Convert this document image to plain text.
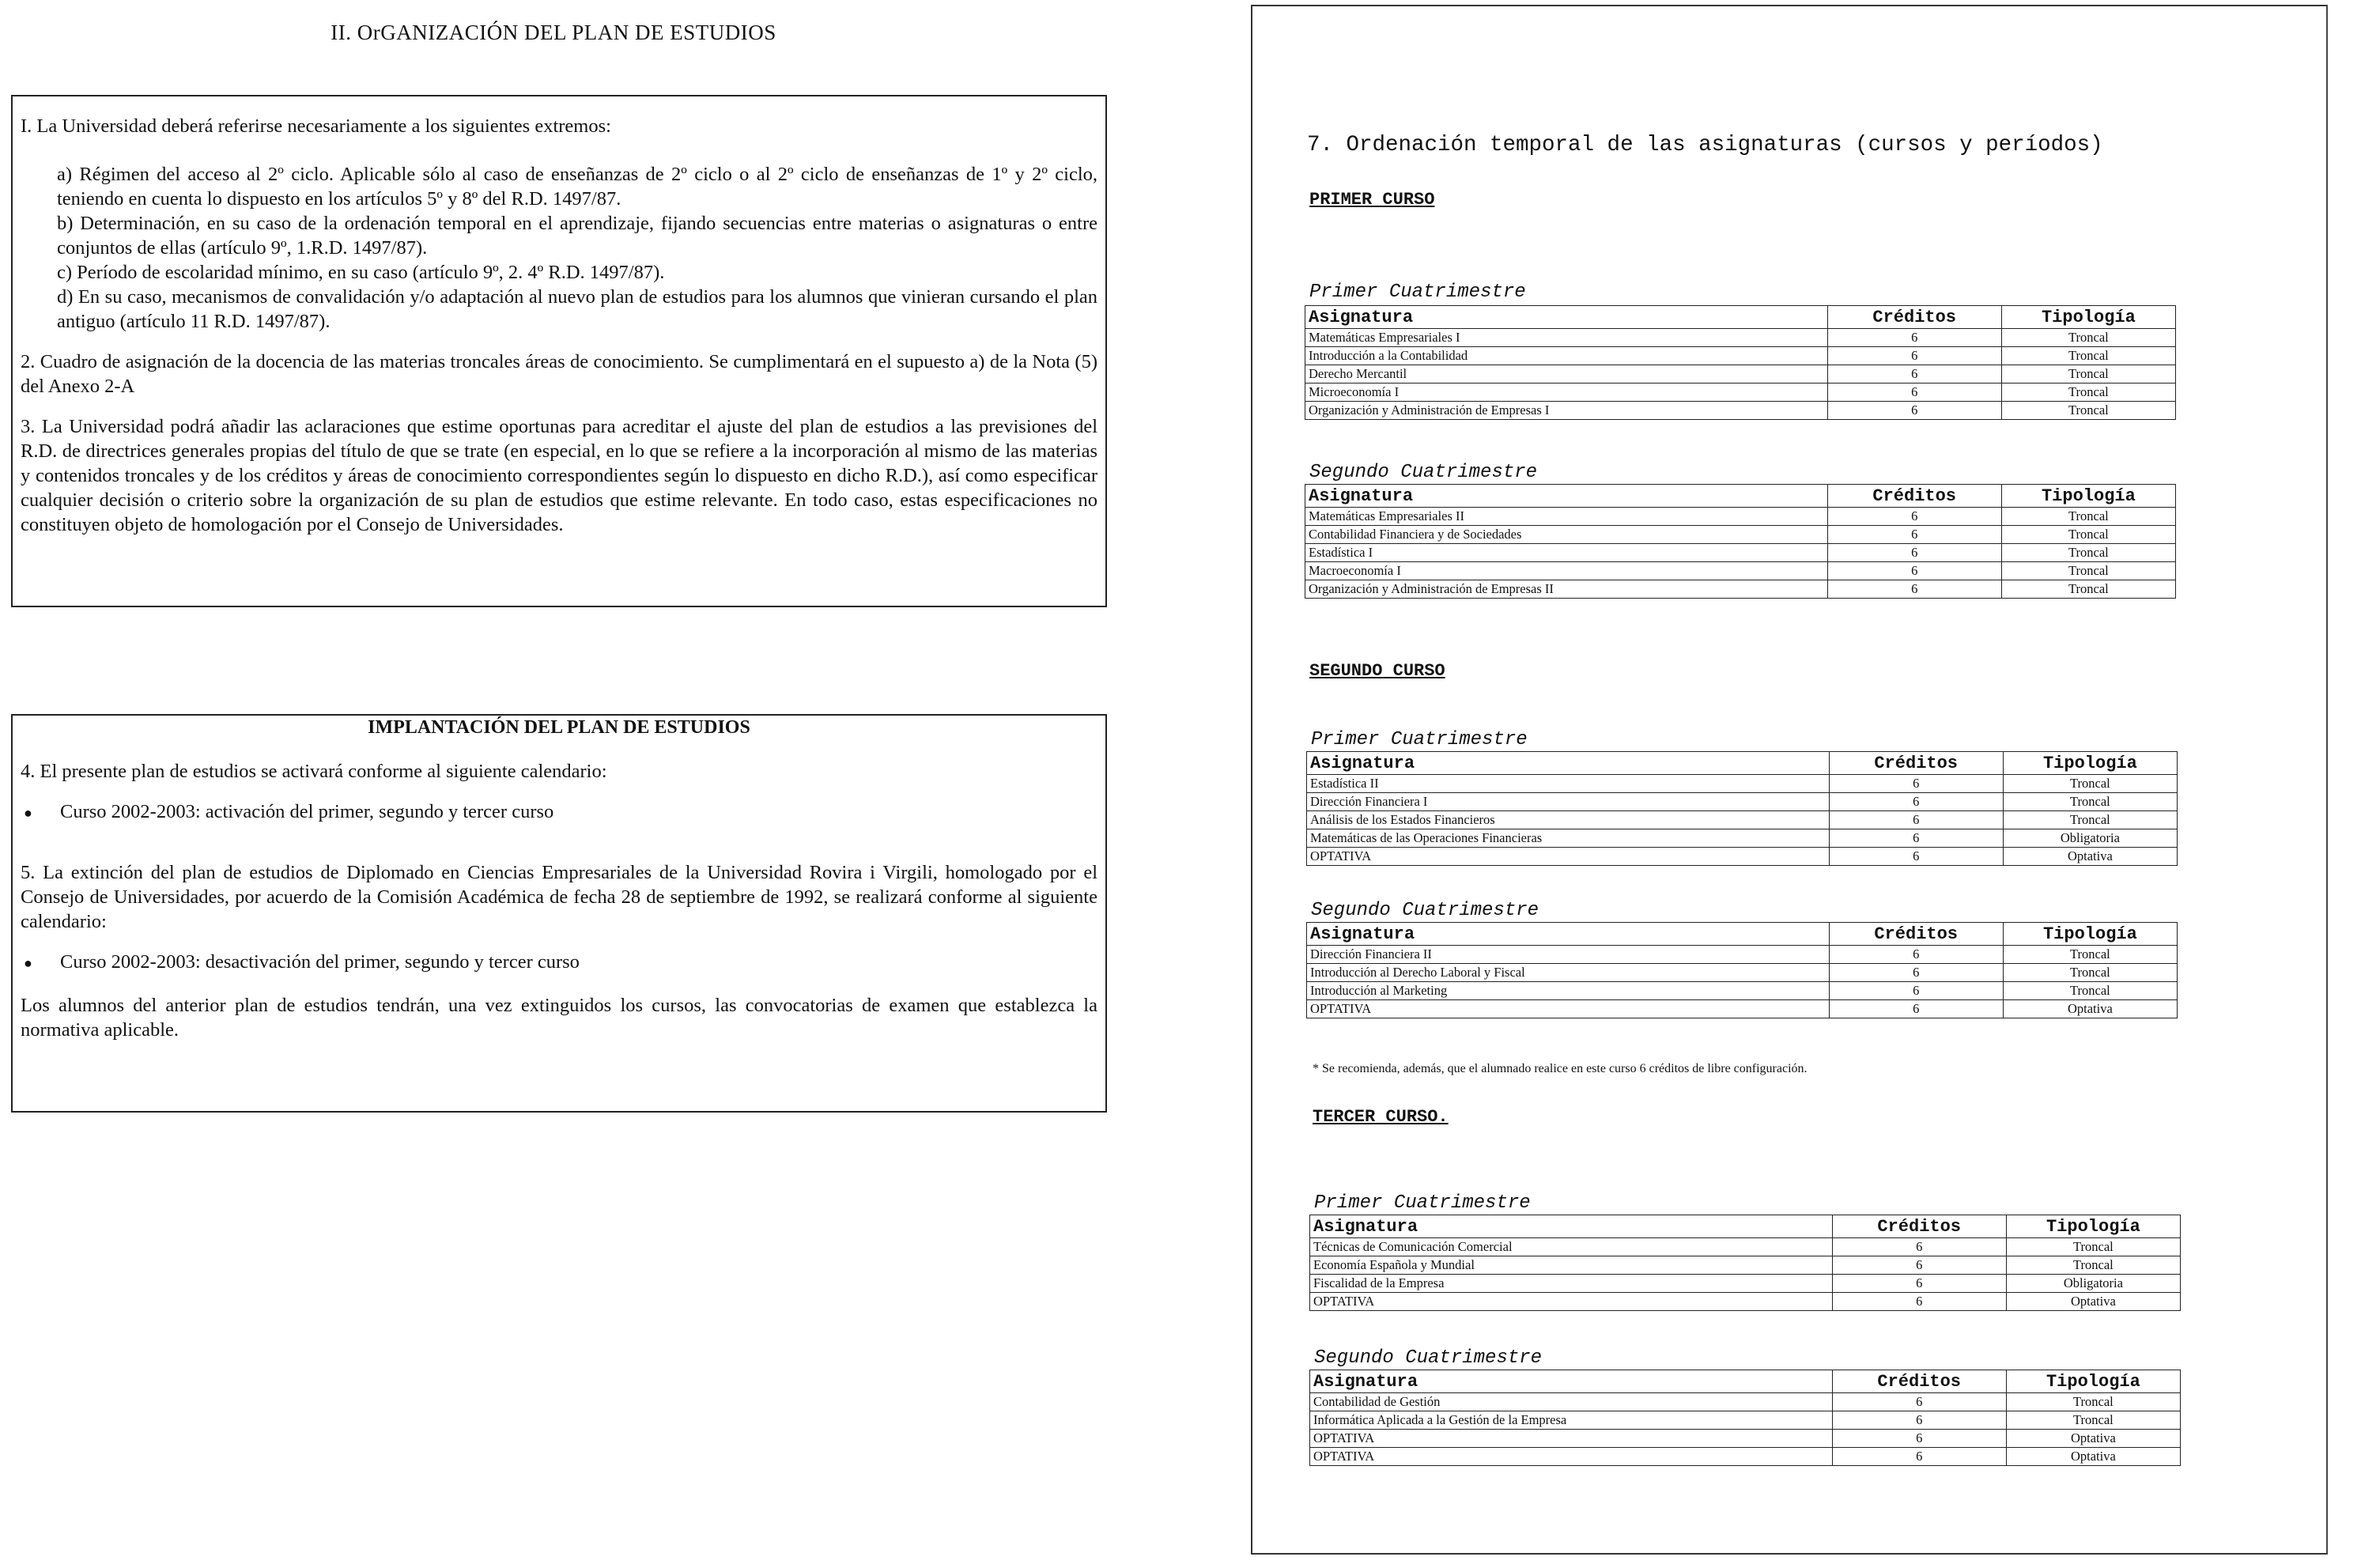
II. OrGANIZACIÓN DEL PLAN DE ESTUDIOS
I. La Universidad deberá referirse necesariamente a los siguientes extremos:
a) Régimen del acceso al 2º ciclo. Aplicable sólo al caso de enseñanzas de 2º ciclo o al 2º ciclo de enseñanzas de 1º y 2º ciclo, teniendo en cuenta lo dispuesto en los artículos 5º y 8º del R.D. 1497/87.
b) Determinación, en su caso de la ordenación temporal en el aprendizaje, fijando secuencias entre materias o asignaturas o entre conjuntos de ellas (artículo 9º, 1.R.D. 1497/87).
c) Período de escolaridad mínimo, en su caso (artículo 9º, 2. 4º R.D. 1497/87).
d) En su caso, mecanismos de convalidación y/o adaptación al nuevo plan de estudios para los alumnos que vinieran cursando el plan antiguo (artículo 11 R.D. 1497/87).
2. Cuadro de asignación de la docencia de las materias troncales áreas de conocimiento. Se cumplimentará en el supuesto a) de la Nota (5) del Anexo 2-A
3. La Universidad podrá añadir las aclaraciones que estime oportunas para acreditar el ajuste del plan de estudios a las previsiones del R.D. de directrices generales propias del título de que se trate (en especial, en lo que se refiere a la incorporación al mismo de las materias y contenidos troncales y de los créditos y áreas de conocimiento correspondientes según lo dispuesto en dicho R.D.), así como especificar cualquier decisión o criterio sobre la organización de su plan de estudios que estime relevante. En todo caso, estas especificaciones no constituyen objeto de homologación por el Consejo de Universidades.
IMPLANTACIÓN DEL PLAN DE ESTUDIOS
4. El presente plan de estudios se activará conforme al siguiente calendario:
●	Curso 2002-2003: activación del primer, segundo y tercer curso
5. La extinción del plan de estudios de Diplomado en Ciencias Empresariales de la Universidad Rovira i Virgili, homologado por el Consejo de Universidades, por acuerdo de la Comisión Académica de fecha 28 de septiembre de 1992, se realizará conforme al siguiente calendario:
●	Curso 2002-2003: desactivación del primer, segundo y tercer curso
Los alumnos del anterior plan de estudios tendrán, una vez extinguidos los cursos, las convocatorias de examen que establezca la normativa aplicable.
7. Ordenación temporal de las asignaturas (cursos y períodos)
PRIMER CURSO
Primer Cuatrimestre
Asignatura	Créditos	Tipología
Matemáticas Empresariales I	6	Troncal
Introducción a la Contabilidad	6	Troncal
Derecho Mercantil	6	Troncal
Microeconomía I	6	Troncal
Organización y Administración de Empresas I	6	Troncal
Segundo Cuatrimestre
Asignatura	Créditos	Tipología
Matemáticas Empresariales II	6	Troncal
Contabilidad Financiera y de Sociedades	6	Troncal
Estadística I	6	Troncal
Macroeconomía I	6	Troncal
Organización y Administración de Empresas II	6	Troncal
SEGUNDO CURSO
Primer Cuatrimestre
Asignatura	Créditos	Tipología
Estadística II	6	Troncal
Dirección Financiera I	6	Troncal
Análisis de los Estados Financieros	6	Troncal
Matemáticas de las Operaciones Financieras	6	Obligatoria
OPTATIVA	6	Optativa
Segundo Cuatrimestre
Asignatura	Créditos	Tipología
Dirección Financiera II	6	Troncal
Introducción al Derecho Laboral y Fiscal	6	Troncal
Introducción al Marketing	6	Troncal
OPTATIVA	6	Optativa
* Se recomienda, además, que el alumnado realice en este curso 6 créditos de libre configuración.
TERCER CURSO.
Primer Cuatrimestre
Asignatura	Créditos	Tipología
Técnicas de Comunicación Comercial	6	Troncal
Economía Española y Mundial	6	Troncal
Fiscalidad de la Empresa	6	Obligatoria
OPTATIVA	6	Optativa
Segundo Cuatrimestre
Asignatura	Créditos	Tipología
Contabilidad de Gestión	6	Troncal
Informática Aplicada a la Gestión de la Empresa	6	Troncal
OPTATIVA	6	Optativa
OPTATIVA	6	Optativa
